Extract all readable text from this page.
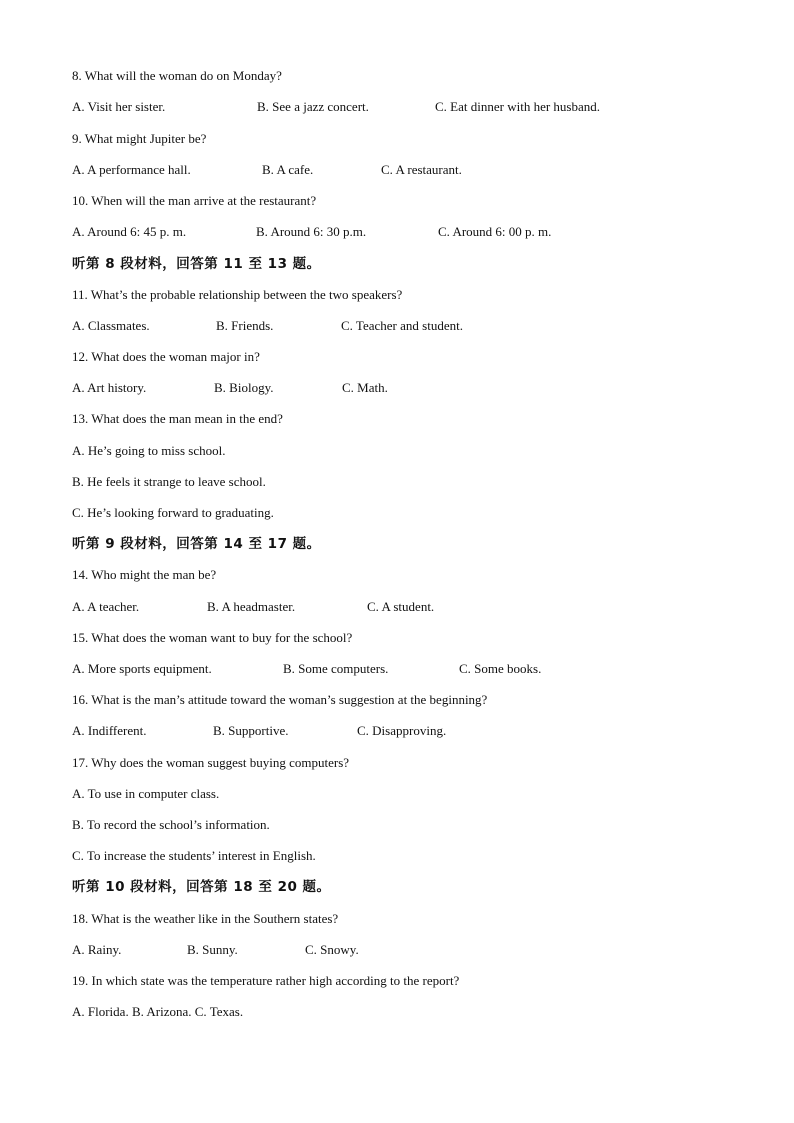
8. What will the woman do on Monday?
A. Visit her sister.	B. See a jazz concert.	C. Eat dinner with her husband.
9. What might Jupiter be?
A. A performance hall.	B. A cafe.	C. A restaurant.
10. When will the man arrive at the restaurant?
A. Around 6: 45 p. m.	B. Around 6: 30 p.m.	C. Around 6: 00 p. m.
听第 8 段材料，回答第 11 至 13 题。
11. What’s the probable relationship between the two speakers?
A. Classmates.	B. Friends.	C. Teacher and student.
12. What does the woman major in?
A. Art history.	B. Biology.	C. Math.
13. What does the man mean in the end?
A. He’s going to miss school.
B. He feels it strange to leave school.
C. He’s looking forward to graduating.
听第 9 段材料，回答第 14 至 17 题。
14. Who might the man be?
A. A teacher.	B. A headmaster.	C. A student.
15. What does the woman want to buy for the school?
A. More sports equipment.	B. Some computers.	C. Some books.
16. What is the man’s attitude toward the woman’s suggestion at the beginning?
A. Indifferent.	B. Supportive.	C. Disapproving.
17. Why does the woman suggest buying computers?
A. To use in computer class.
B. To record the school’s information.
C. To increase the students’ interest in English.
听第 10 段材料，回答第 18 至 20 题。
18. What is the weather like in the Southern states?
A. Rainy.	B. Sunny.	C. Snowy.
19. In which state was the temperature rather high according to the report?
A. Florida. B. Arizona. C. Texas.
